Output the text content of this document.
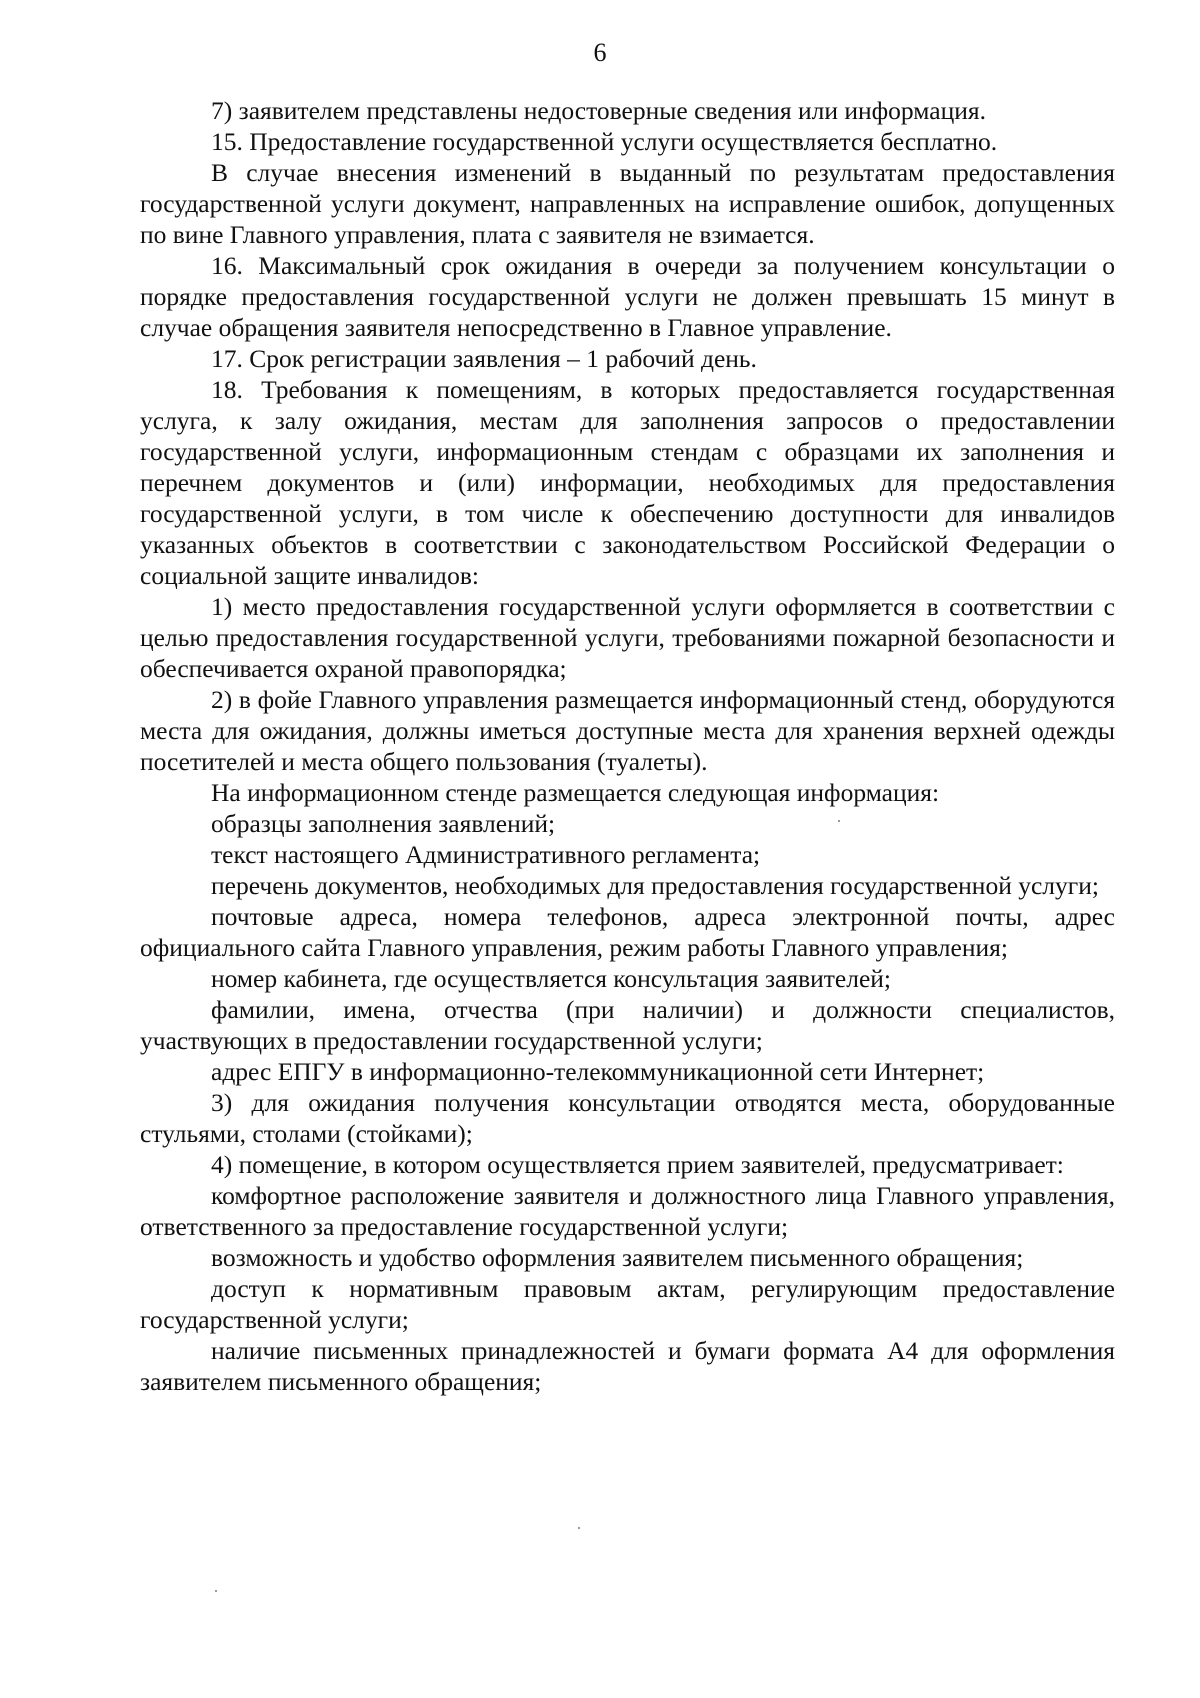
6

7) заявителем представлены недостоверные сведения или информация.

15. Предоставление государственной услуги осуществляется бесплатно.

В случае внесения изменений в выданный по результатам предоставления государственной услуги документ, направленных на исправление ошибок, допущенных по вине Главного управления, плата с заявителя не взимается.

16. Максимальный срок ожидания в очереди за получением консультации о порядке предоставления государственной услуги не должен превышать 15 минут в случае обращения заявителя непосредственно в Главное управление.

17. Срок регистрации заявления – 1 рабочий день.

18. Требования к помещениям, в которых предоставляется государственная услуга, к залу ожидания, местам для заполнения запросов о предоставлении государственной услуги, информационным стендам с образцами их заполнения и перечнем документов и (или) информации, необходимых для предоставления государственной услуги, в том числе к обеспечению доступности для инвалидов указанных объектов в соответствии с законодательством Российской Федерации о социальной защите инвалидов:

1) место предоставления государственной услуги оформляется в соответствии с целью предоставления государственной услуги, требованиями пожарной безопасности и обеспечивается охраной правопорядка;

2) в фойе Главного управления размещается информационный стенд, оборудуются места для ожидания, должны иметься доступные места для хранения верхней одежды посетителей и места общего пользования (туалеты).

На информационном стенде размещается следующая информация:

образцы заполнения заявлений;

текст настоящего Административного регламента;

перечень документов, необходимых для предоставления государственной услуги;

почтовые адреса, номера телефонов, адреса электронной почты, адрес официального сайта Главного управления, режим работы Главного управления;

номер кабинета, где осуществляется консультация заявителей;

фамилии, имена, отчества (при наличии) и должности специалистов, участвующих в предоставлении государственной услуги;

адрес ЕПГУ в информационно-телекоммуникационной сети Интернет;

3) для ожидания получения консультации отводятся места, оборудованные стульями, столами (стойками);

4) помещение, в котором осуществляется прием заявителей, предусматривает:

комфортное расположение заявителя и должностного лица Главного управления, ответственного за предоставление государственной услуги;

возможность и удобство оформления заявителем письменного обращения;

доступ к нормативным правовым актам, регулирующим предоставление государственной услуги;

наличие письменных принадлежностей и бумаги формата А4 для оформления заявителем письменного обращения;
